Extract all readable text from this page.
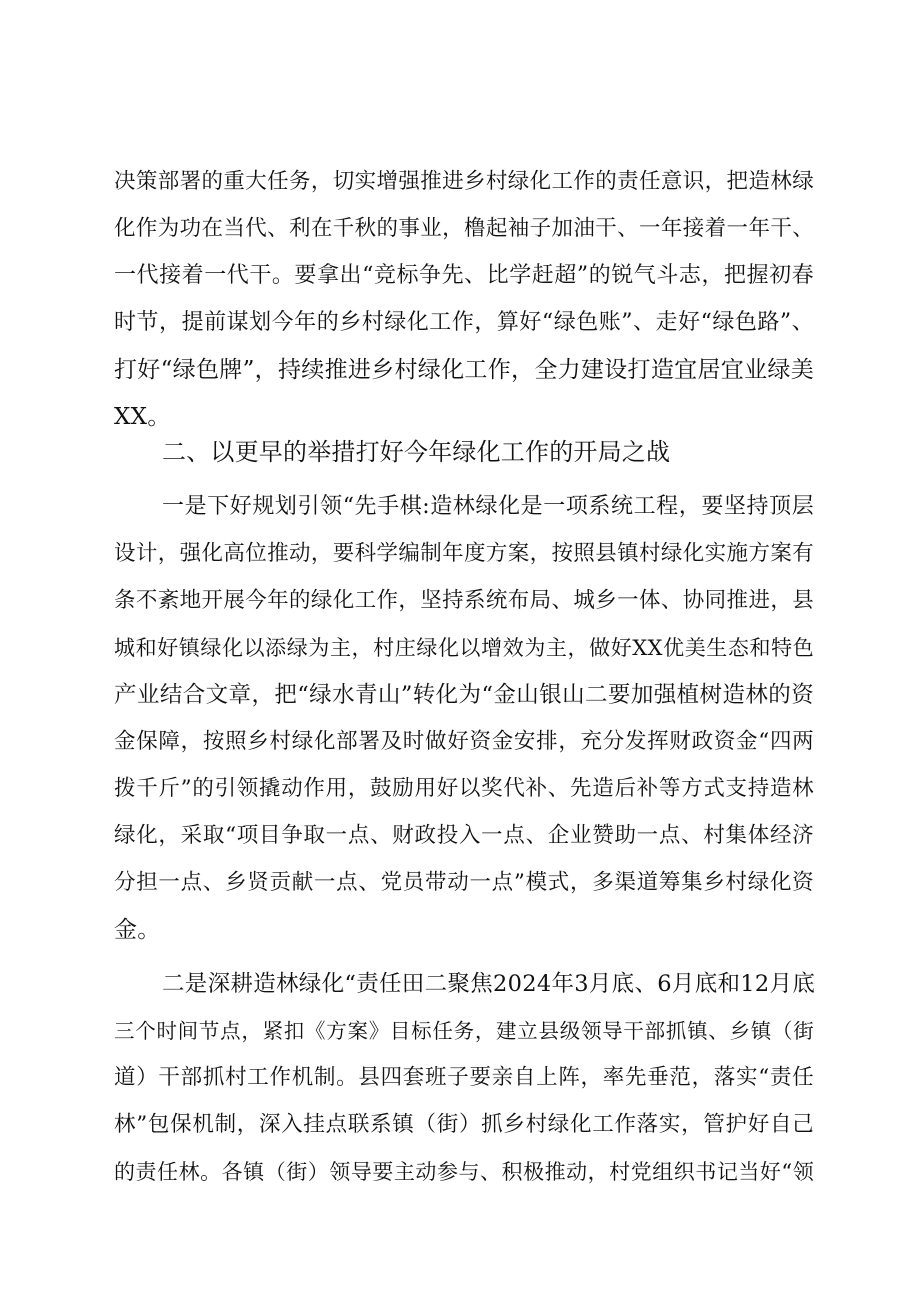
决策部署的重大任务，切实增强推进乡村绿化工作的责任意识，把造林绿
化作为功在当代、利在千秋的事业，橹起袖子加油干、一年接着一年干、
一代接着一代干。要拿出“竞标争先、比学赶超”的锐气斗志，把握初春
时节，提前谋划今年的乡村绿化工作，算好“绿色账”、走好“绿色路”、
打好“绿色牌”，持续推进乡村绿化工作，全力建设打造宜居宜业绿美
XX。
二、以更早的举措打好今年绿化工作的开局之战
一是下好规划引领“先手棋:造林绿化是一项系统工程，要坚持顶层
设计，强化高位推动，要科学编制年度方案，按照县镇村绿化实施方案有
条不紊地开展今年的绿化工作，坚持系统布局、城乡一体、协同推进，县
城和好镇绿化以添绿为主，村庄绿化以增效为主，做好XX优美生态和特色
产业结合文章，把“绿水青山”转化为“金山银山二要加强植树造林的资
金保障，按照乡村绿化部署及时做好资金安排，充分发挥财政资金“四两
拨千斤”的引领撬动作用，鼓励用好以奖代补、先造后补等方式支持造林
绿化，采取“项目争取一点、财政投入一点、企业赞助一点、村集体经济
分担一点、乡贤贡献一点、党员带动一点”模式，多渠道筹集乡村绿化资
金。
二是深耕造林绿化“责任田二聚焦2024年3月底、6月底和12月底
三个时间节点，紧扣《方案》目标任务，建立县级领导干部抓镇、乡镇（街
道）干部抓村工作机制。县四套班子要亲自上阵，率先垂范，落实“责任
林”包保机制，深入挂点联系镇（街）抓乡村绿化工作落实，管护好自己
的责任林。各镇（街）领导要主动参与、积极推动，村党组织书记当好“领
